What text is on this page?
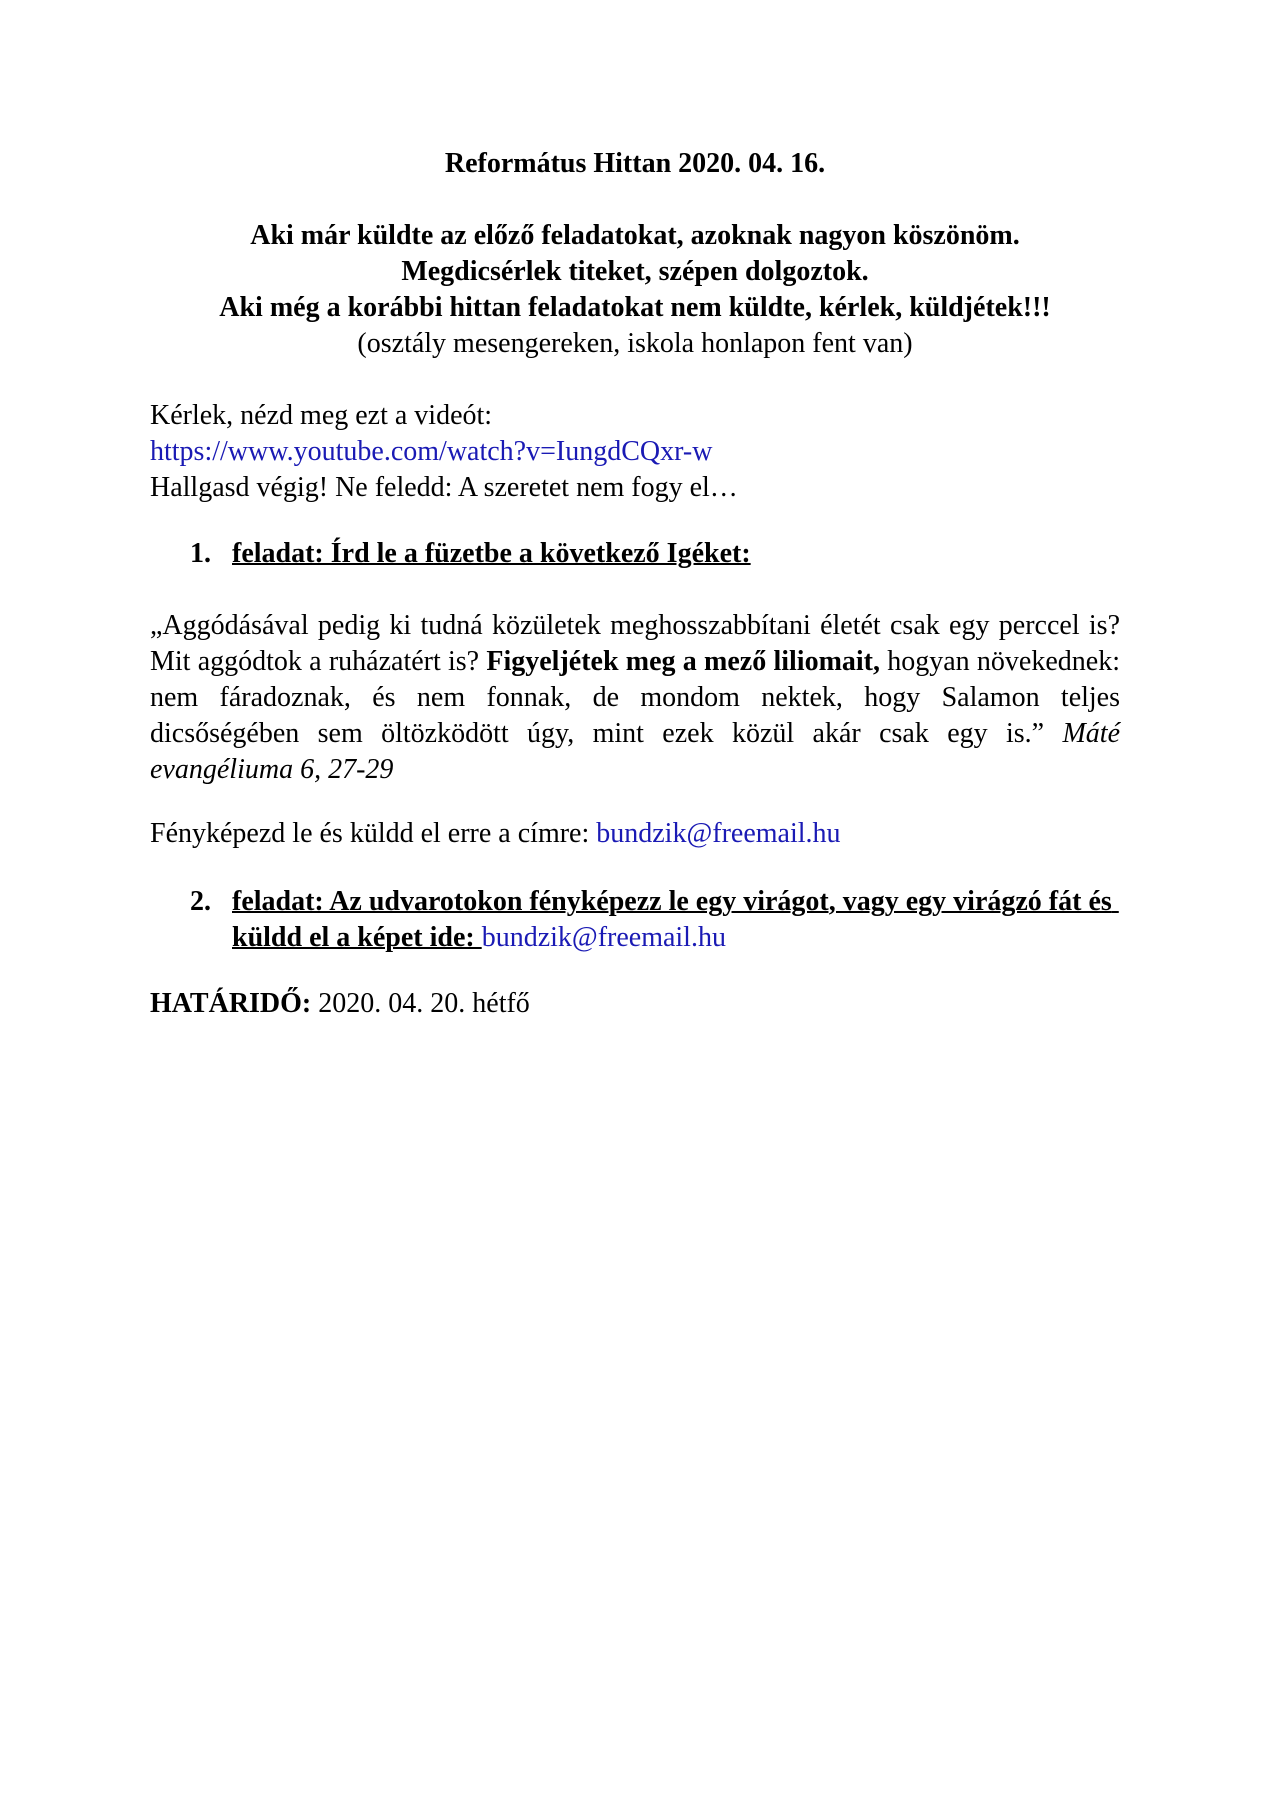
Református Hittan 2020. 04. 16.

Aki már küldte az előző feladatokat, azoknak nagyon köszönöm.

Megdicsérlek titeket, szépen dolgoztok.

Aki még a korábbi hittan feladatokat nem küldte, kérlek, küldjétek!!!

(osztály mesengereken, iskola honlapon fent van)

Kérlek, nézd meg ezt a videót:

https://www.youtube.com/watch?v=IungdCQxr-w

Hallgasd végig! Ne feledd: A szeretet nem fogy el…

1. feladat: Írd le a füzetbe a következő Igéket:

„Aggódásával pedig ki tudná közületek meghosszabbítani életét csak egy perccel is? Mit aggódtok a ruházatért is? Figyeljétek meg a mező liliomait, hogyan növekednek: nem fáradoznak, és nem fonnak, de mondom nektek, hogy Salamon teljes dicsőségében sem öltözködött úgy, mint ezek közül akár csak egy is.” Máté evangéliuma 6, 27-29

Fényképezd le és küldd el erre a címre: bundzik@freemail.hu

2. feladat: Az udvarotokon fényképezz le egy virágot, vagy egy virágzó fát és küldd el a képet ide: bundzik@freemail.hu

HATÁRIDŐ: 2020. 04. 20. hétfő
